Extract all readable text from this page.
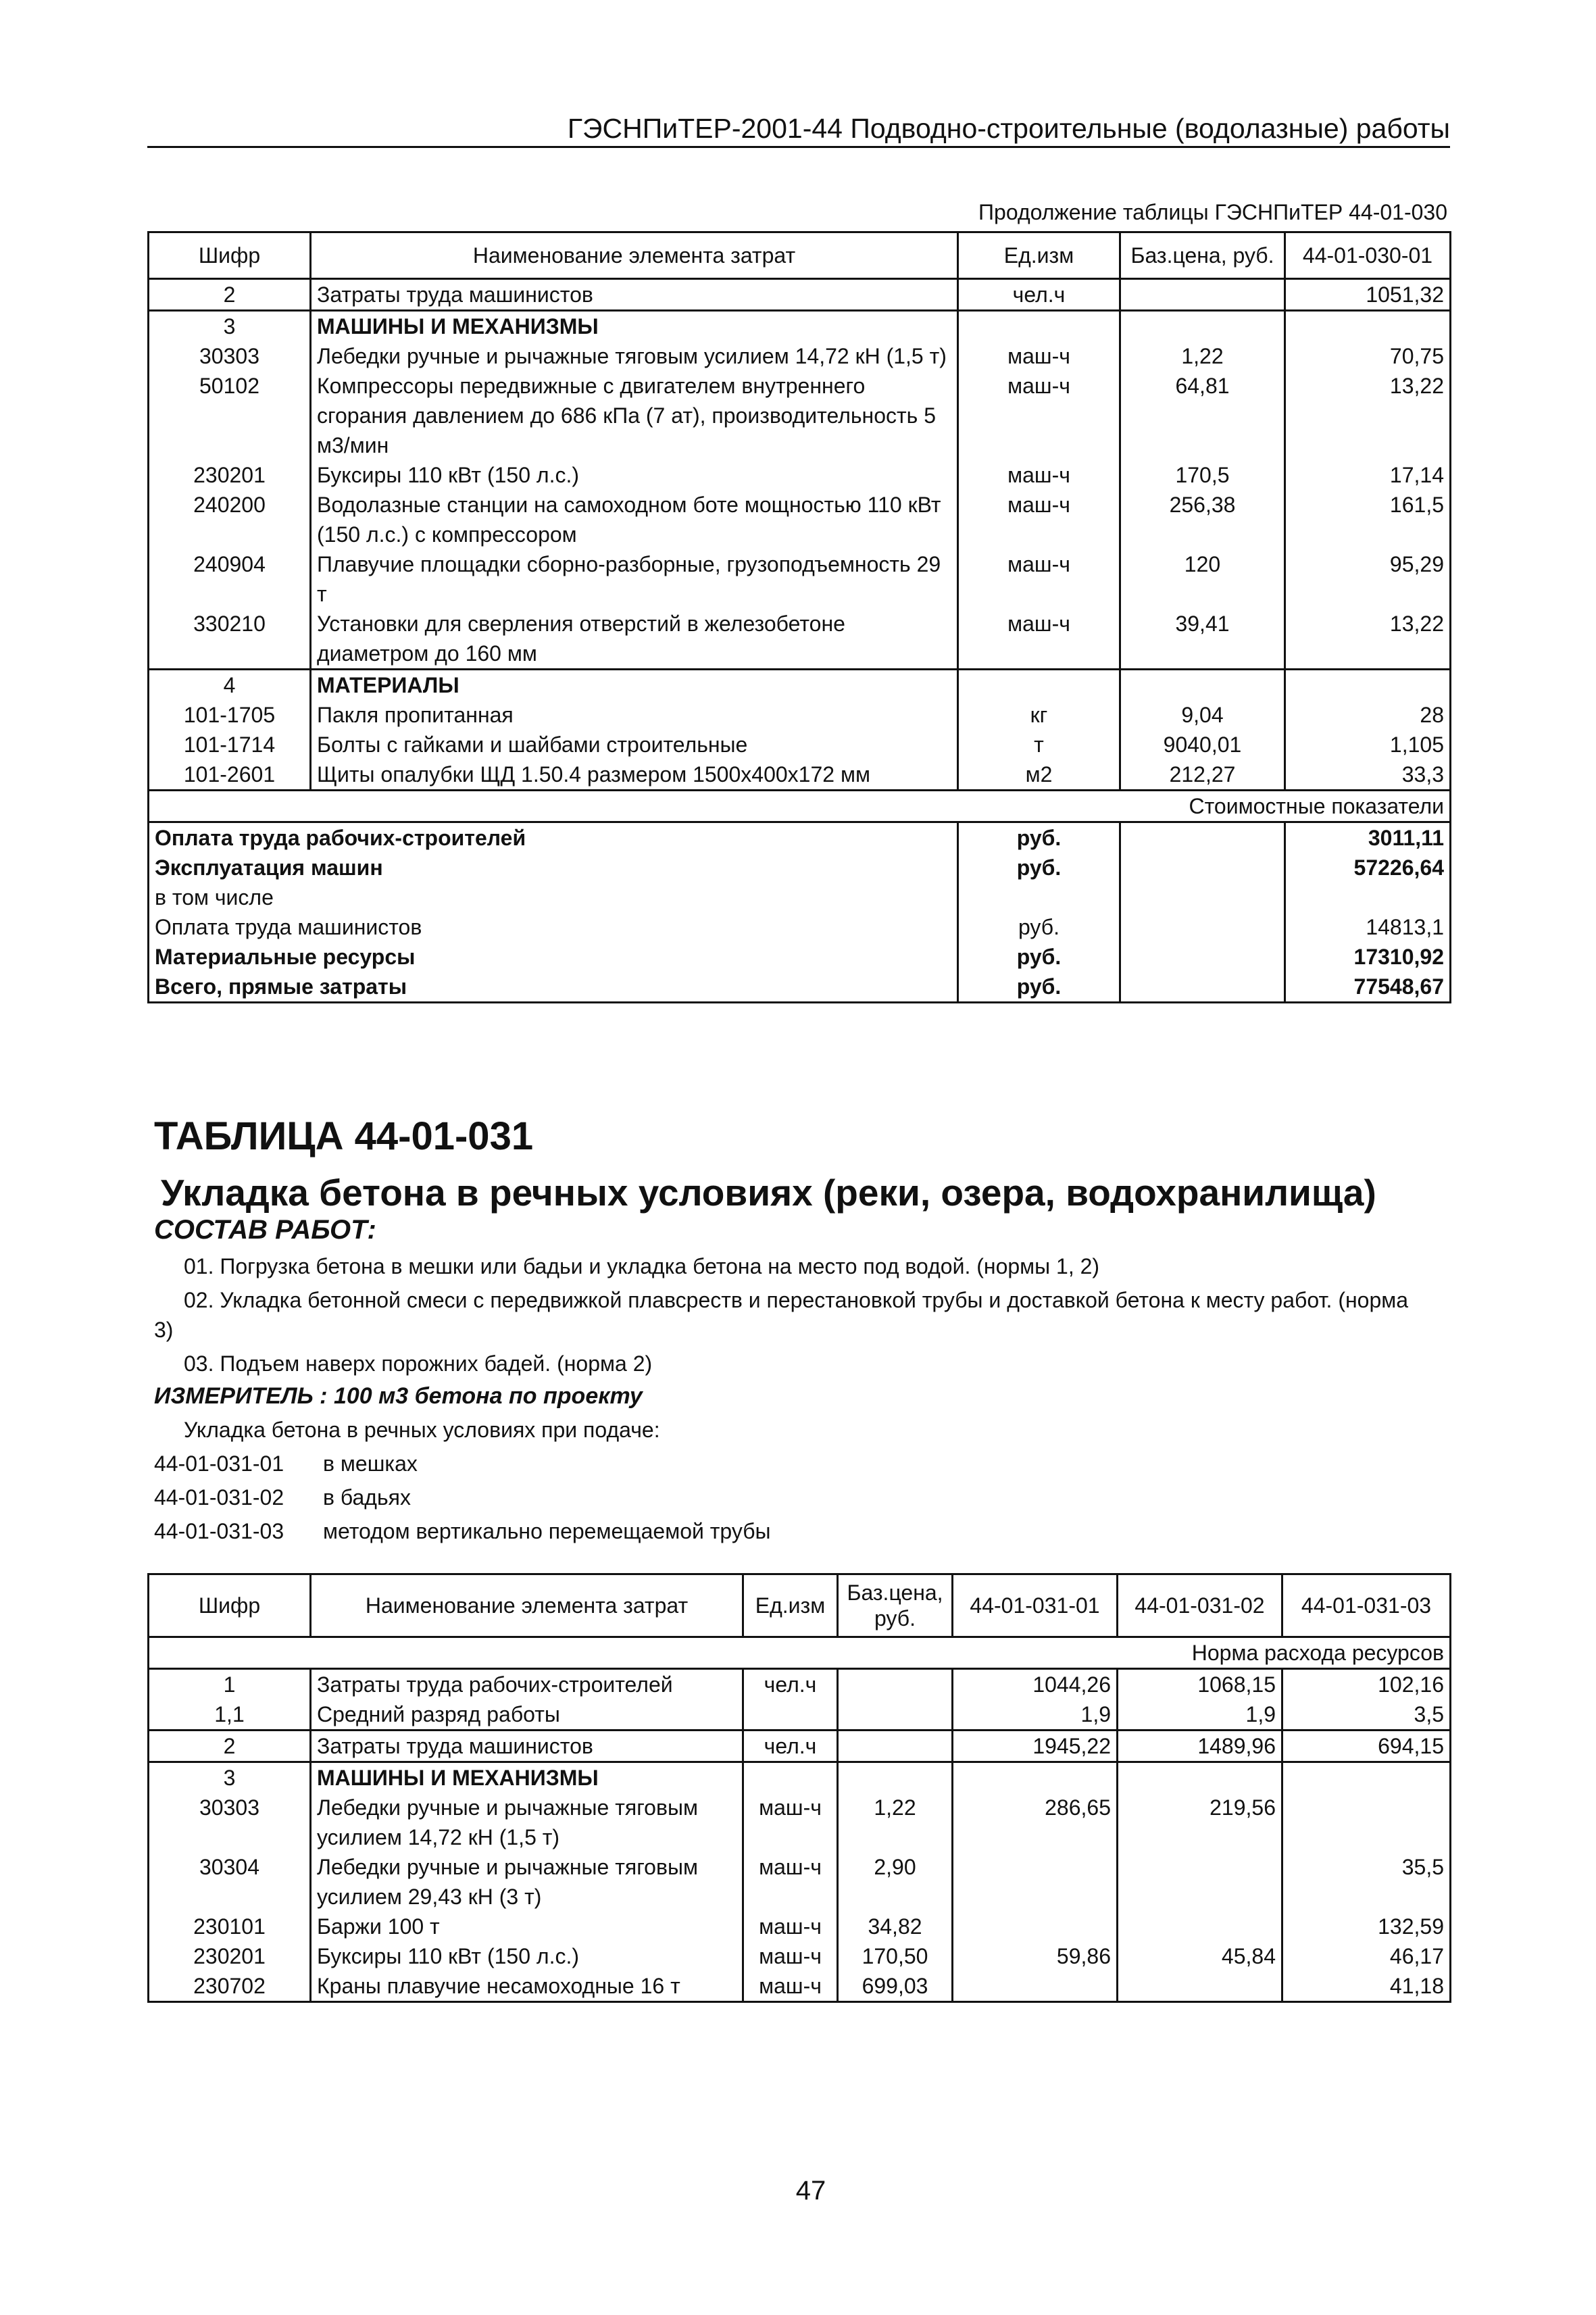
ГЭСНПиТЕР-2001-44 Подводно-строительные (водолазные) работы
Продолжение таблицы ГЭСНПиТЕР 44-01-030
Шифр	Наименование элемента затрат	Ед.изм	Баз.цена, руб.	44-01-030-01
2	Затраты труда машинистов	чел.ч		1051,32
3	МАШИНЫ И МЕХАНИЗМЫ			
30303	Лебедки ручные и рычажные тяговым усилием 14,72 кН (1,5 т)	маш-ч	1,22	70,75
50102	Компрессоры передвижные с двигателем внутреннего сгорания давлением до 686 кПа (7 ат), производительность 5 м3/мин	маш-ч	64,81	13,22
230201	Буксиры 110 кВт (150 л.с.)	маш-ч	170,5	17,14
240200	Водолазные станции на самоходном боте мощностью 110 кВт (150 л.с.) с компрессором	маш-ч	256,38	161,5
240904	Плавучие площадки сборно-разборные, грузоподъемность 29 т	маш-ч	120	95,29
330210	Установки для сверления отверстий в железобетоне диаметром до 160 мм	маш-ч	39,41	13,22
4	МАТЕРИАЛЫ			
101-1705	Пакля пропитанная	кг	9,04	28
101-1714	Болты с гайками и шайбами строительные	т	9040,01	1,105
101-2601	Щиты опалубки ЩД 1.50.4 размером 1500х400х172 мм	м2	212,27	33,3
Стоимостные показатели				
Оплата труда рабочих-строителей		руб.		3011,11
Эксплуатация машин		руб.		57226,64
в том числе				
Оплата труда машинистов		руб.		14813,1
Материальные ресурсы		руб.		17310,92
Всего, прямые затраты		руб.		77548,67
ТАБЛИЦА 44-01-031
Укладка бетона в речных условиях (реки, озера, водохранилища)
СОСТАВ РАБОТ:
01. Погрузка бетона в мешки или бадьи и укладка бетона на место под водой. (нормы 1, 2)
02. Укладка бетонной смеси с передвижкой плавсреств и перестановкой трубы и доставкой бетона к месту работ. (норма
3)
03. Подъем наверх порожних бадей. (норма 2)
ИЗМЕРИТЕЛЬ : 100 м3 бетона по проекту
Укладка бетона в речных условиях при подаче:
44-01-031-01 в мешках
44-01-031-02 в бадьях
44-01-031-03 методом вертикально перемещаемой трубы
Шифр	Наименование элемента затрат	Ед.изм	Баз.цена, руб.	44-01-031-01	44-01-031-02	44-01-031-03
Норма расхода ресурсов						
1	Затраты труда рабочих-строителей	чел.ч		1044,26	1068,15	102,16
1,1	Средний разряд работы			1,9	1,9	3,5
2	Затраты труда машинистов	чел.ч		1945,22	1489,96	694,15
3	МАШИНЫ И МЕХАНИЗМЫ					
30303	Лебедки ручные и рычажные тяговым усилием 14,72 кН (1,5 т)	маш-ч	1,22	286,65	219,56	
30304	Лебедки ручные и рычажные тяговым усилием 29,43 кН (3 т)	маш-ч	2,90			35,5
230101	Баржи 100 т	маш-ч	34,82			132,59
230201	Буксиры 110 кВт (150 л.с.)	маш-ч	170,50	59,86	45,84	46,17
230702	Краны плавучие несамоходные 16 т	маш-ч	699,03			41,18
47
